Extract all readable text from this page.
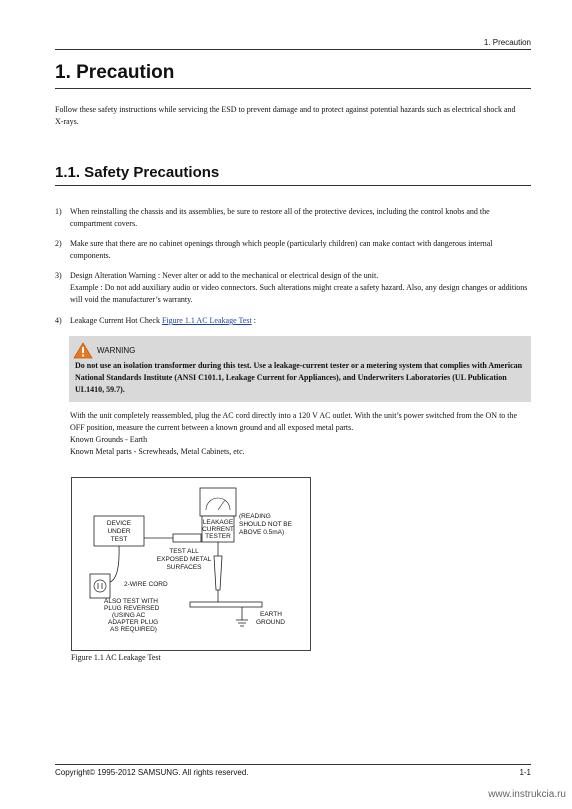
1. Precaution
1. Precaution

Follow these safety instructions while servicing the ESD to prevent damage and to protect against potential hazards such as electrical shock and X-rays.

1.1. Safety Precautions
1) When reinstalling the chassis and its assemblies, be sure to restore all of the protective devices, including the control knobs and the compartment covers.

2) Make sure that there are no cabinet openings through which people (particularly children) can make contact with dangerous internal components.

3) Design Alteration Warning : Never alter or add to the mechanical or electrical design of the unit.

Example : Do not add auxiliary audio or video connectors. Such alterations might create a safety hazard. Also, any design changes or additions will void the manufacturer’s warranty.

4) Leakage Current Hot Check Figure 1.1 AC Leakage Test :

WARNING

Do not use an isolation transformer during this test. Use a leakage-current tester or a metering system that complies with American National Standards Institute (ANSI C101.1, Leakage Current for Appliances), and Underwriters Laboratories (UL Publication UL1410, 59.7).

With the unit completely reassembled, plug the AC cord directly into a 120 V AC outlet. With the unit’s power switched from the ON to the OFF position, measure the current between a known ground and all exposed metal parts.

Known Grounds - Earth

Known Metal parts - Screwheads, Metal Cabinets, etc.

DEVICE
UNDER
TEST
TEST ALL
EXPOSED METAL
SURFACES
LEAKAGE
CURRENT
TESTER
(READING
SHOULD NOT BE
ABOVE 0.5mA)
EARTH
GROUND
2-WIRE CORD
ALSO TEST WITH
PLUG REVERSED
(USING AC
ADAPTER PLUG
AS REQUIRED)
Figure 1.1 AC Leakage Test
Copyright© 1995-2012 SAMSUNG. All rights reserved.	1-1
www.instrukcia.ru
